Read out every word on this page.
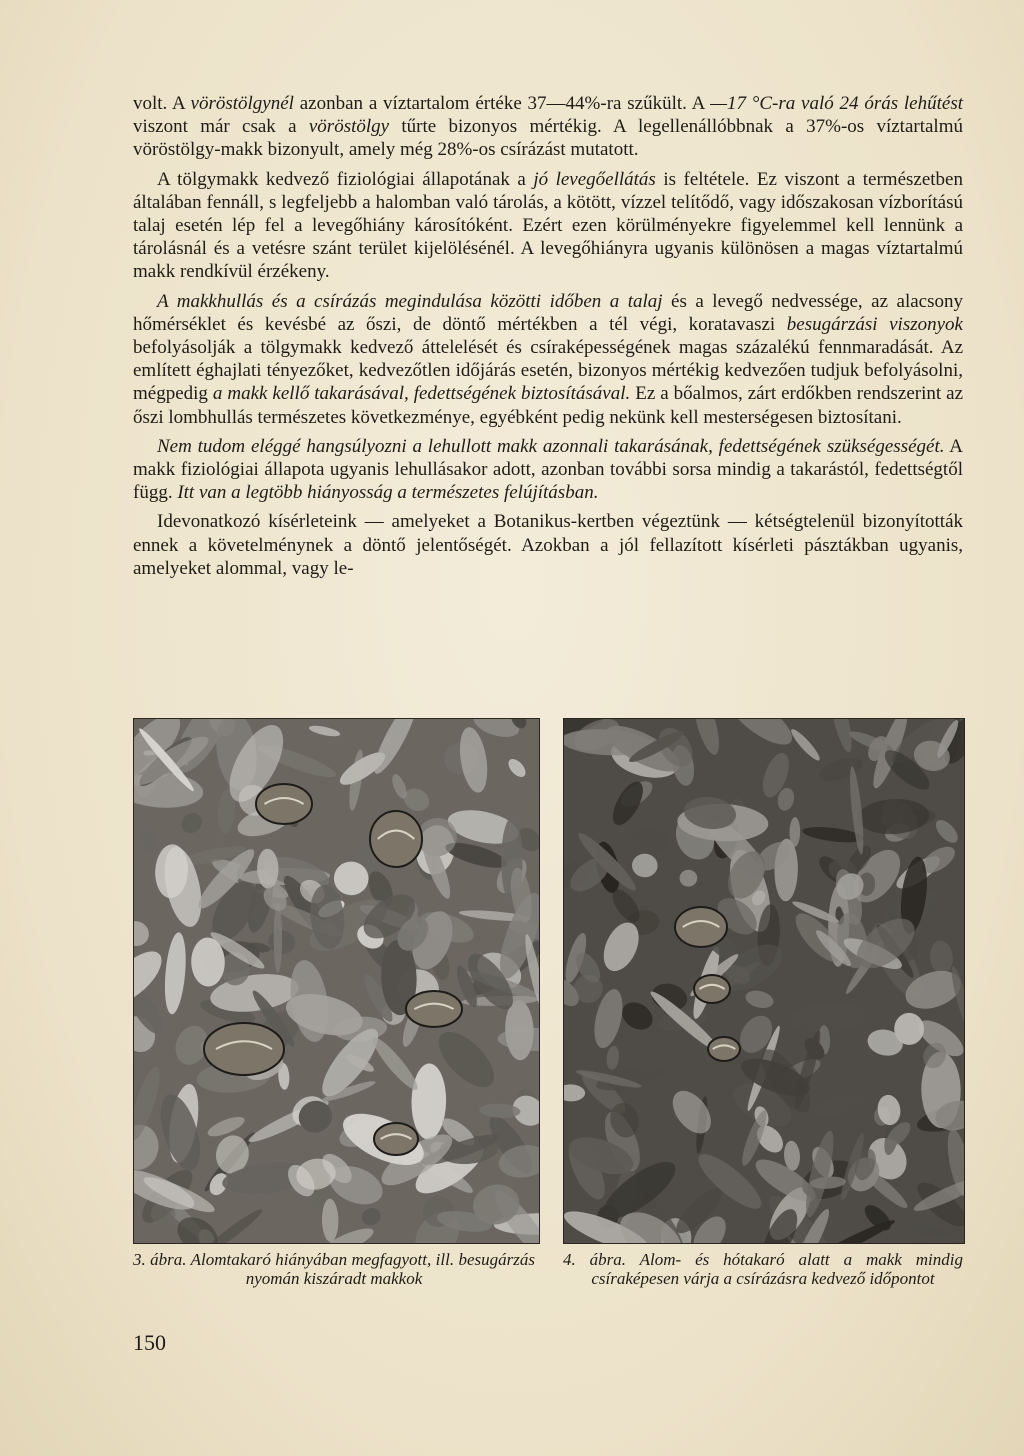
volt. A vöröstölgynél azonban a víztartalom értéke 37—44%-ra szűkült. A —17 °C-ra való 24 órás lehűtést viszont már csak a vöröstölgy tűrte bizonyos mértékig. A legellenállóbbnak a 37%-os víztartalmú vöröstölgy-makk bizonyult, amely még 28%-os csírázást mutatott.

A tölgymakk kedvező fiziológiai állapotának a jó levegőellátás is feltétele. Ez viszont a természetben általában fennáll, s legfeljebb a halomban való tárolás, a kötött, vízzel telítődő, vagy időszakosan vízborítású talaj esetén lép fel a levegőhiány károsítóként. Ezért ezen körülményekre figyelemmel kell lennünk a tárolásnál és a vetésre szánt terület kijelölésénél. A levegőhiányra ugyanis különösen a magas víztartalmú makk rendkívül érzékeny.

A makkhullás és a csírázás megindulása közötti időben a talaj és a levegő nedvessége, az alacsony hőmérséklet és kevésbé az őszi, de döntő mértékben a tél végi, koratavaszi besugárzási viszonyok befolyásolják a tölgymakk kedvező áttelelését és csíraképességének magas százalékú fennmaradását. Az említett éghajlati tényezőket, kedvezőtlen időjárás esetén, bizonyos mértékig kedvezően tudjuk befolyásolni, mégpedig a makk kellő takarásával, fedettségének biztosításával. Ez a bőalmos, zárt erdőkben rendszerint az őszi lombhullás természetes következménye, egyébként pedig nekünk kell mesterségesen biztosítani.

Nem tudom eléggé hangsúlyozni a lehullott makk azonnali takarásának, fedettségének szükségességét. A makk fiziológiai állapota ugyanis lehullásakor adott, azonban további sorsa mindig a takarástól, fedettségtől függ. Itt van a legtöbb hiányosság a természetes felújításban.

Idevonatkozó kísérleteink — amelyeket a Botanikus-kertben végeztünk — kétségtelenül bizonyították ennek a követelménynek a döntő jelentőségét. Azokban a jól fellazított kísérleti pásztákban ugyanis, amelyeket alommal, vagy le-

3. ábra. Alomtakaró hiányában megfagyott, ill. besugárzás nyomán kiszáradt makkok
4. ábra. Alom- és hótakaró alatt a makk mindig csíraképesen várja a csírázásra kedvező időpontot
150
